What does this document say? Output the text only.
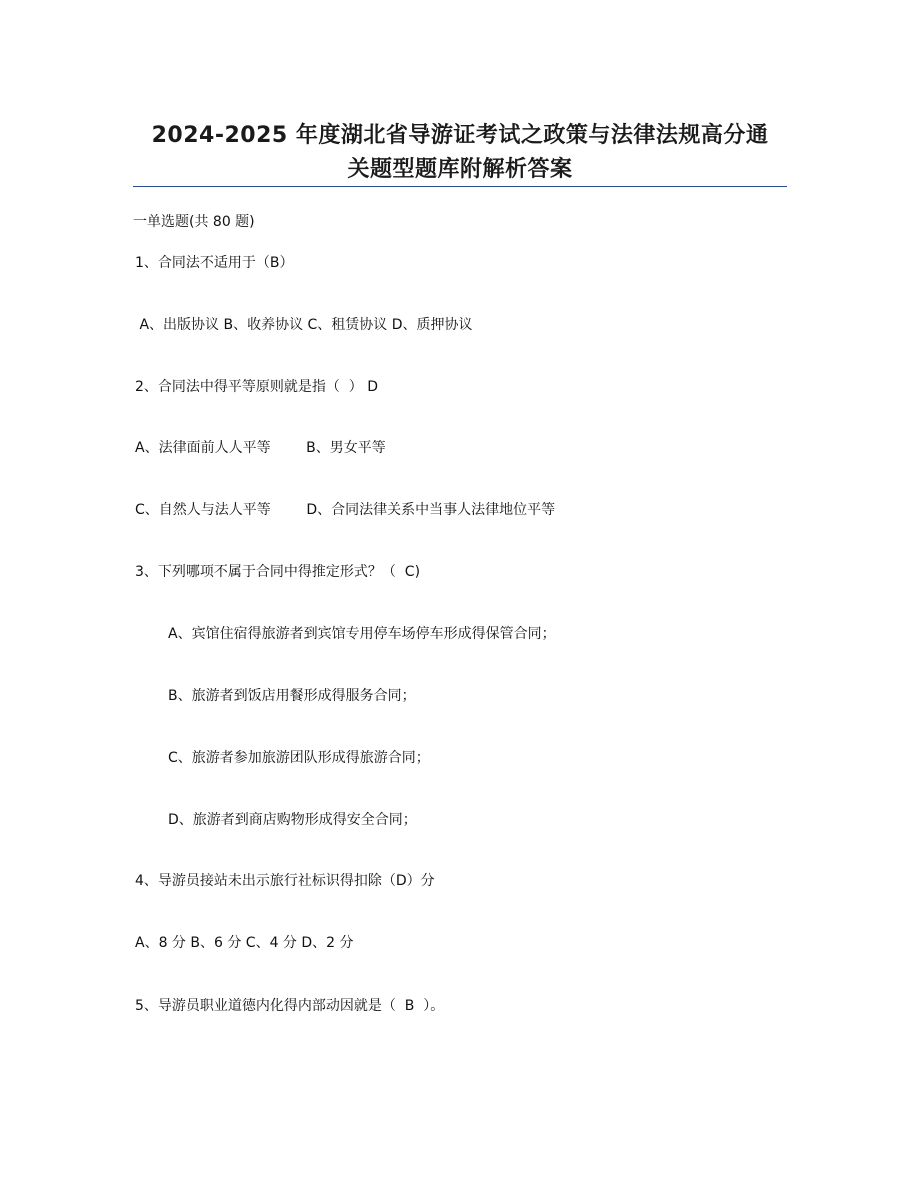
2024-2025 年度湖北省导游证考试之政策与法律法规高分通
关题型题库附解析答案
一单选题(共 80 题)
1、合同法不适用于（B）
A、出版协议 B、收养协议 C、租赁协议 D、质押协议
2、合同法中得平等原则就是指（  ） D
A、法律面前人人平等        B、男女平等
C、自然人与法人平等        D、合同法律关系中当事人法律地位平等
3、下列哪项不属于合同中得推定形式？（  C)
A、宾馆住宿得旅游者到宾馆专用停车场停车形成得保管合同；
B、旅游者到饭店用餐形成得服务合同；
C、旅游者参加旅游团队形成得旅游合同；
D、旅游者到商店购物形成得安全合同；
4、导游员接站未出示旅行社标识得扣除（D）分
A、8 分 B、6 分 C、4 分 D、2 分
5、导游员职业道德内化得内部动因就是（  B  ）。
